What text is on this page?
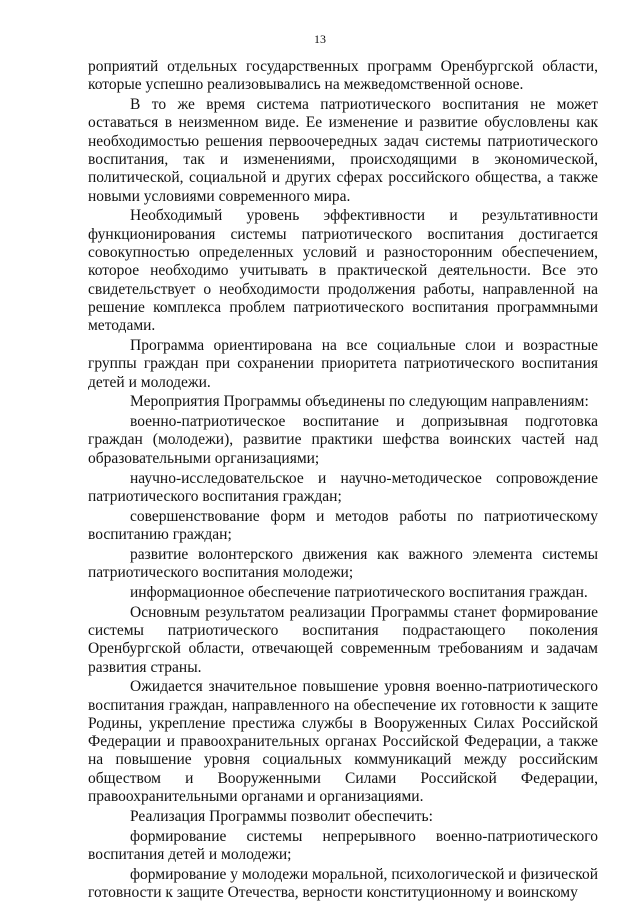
13

роприятий отдельных государственных программ Оренбургской области, которые успешно реализовывались на межведомственной основе.

В то же время система патриотического воспитания не может оставаться в неизменном виде. Ее изменение и развитие обусловлены как необходимостью решения первоочередных задач системы патриотического воспитания, так и изменениями, происходящими в экономической, политической, социальной и других сферах российского общества, а также новыми условиями современного мира.

Необходимый уровень эффективности и результативности функционирования системы патриотического воспитания достигается совокупностью определенных условий и разносторонним обеспечением, которое необходимо учитывать в практической деятельности. Все это свидетельствует о необходимости продолжения работы, направленной на решение комплекса проблем патриотического воспитания программными методами.

Программа ориентирована на все социальные слои и возрастные группы граждан при сохранении приоритета патриотического воспитания детей и молодежи.

Мероприятия Программы объединены по следующим направлениям:

военно-патриотическое воспитание и допризывная подготовка граждан (молодежи), развитие практики шефства воинских частей над образовательными организациями;

научно-исследовательское и научно-методическое сопровождение патриотического воспитания граждан;

совершенствование форм и методов работы по патриотическому воспитанию граждан;

развитие волонтерского движения как важного элемента системы патриотического воспитания молодежи;

информационное обеспечение патриотического воспитания граждан.

Основным результатом реализации Программы станет формирование системы патриотического воспитания подрастающего поколения Оренбургской области, отвечающей современным требованиям и задачам развития страны.

Ожидается значительное повышение уровня военно-патриотического воспитания граждан, направленного на обеспечение их готовности к защите Родины, укрепление престижа службы в Вооруженных Силах Российской Федерации и правоохранительных органах Российской Федерации, а также на повышение уровня социальных коммуникаций между российским обществом и Вооруженными Силами Российской Федерации, правоохранительными органами и организациями.

Реализация Программы позволит обеспечить:

формирование системы непрерывного военно-патриотического воспитания детей и молодежи;

формирование у молодежи моральной, психологической и физической готовности к защите Отечества, верности конституционному и воинскому
